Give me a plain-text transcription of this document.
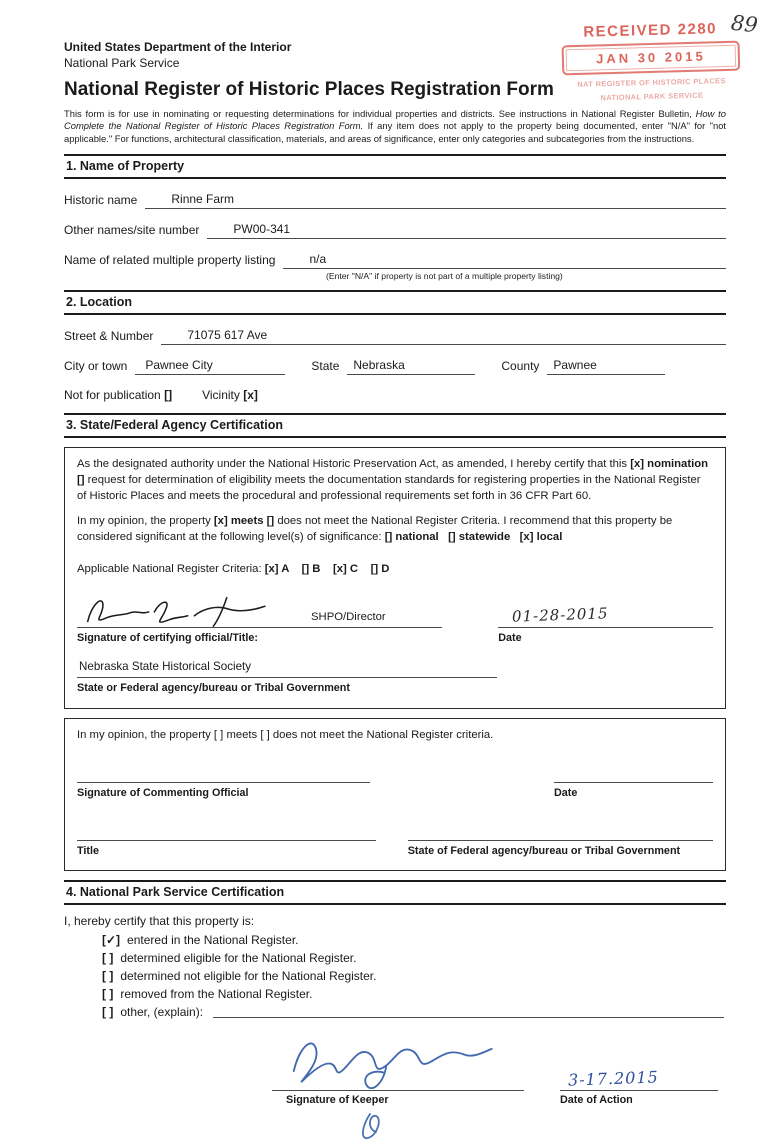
89
RECEIVED 2280
JAN 30 2015
NAT REGISTER OF HISTORIC PLACES
NATIONAL PARK SERVICE
United States Department of the Interior
National Park Service
National Register of Historic Places Registration Form
This form is for use in nominating or requesting determinations for individual properties and districts. See instructions in National Register Bulletin, How to Complete the National Register of Historic Places Registration Form. If any item does not apply to the property being documented, enter "N/A" for "not applicable." For functions, architectural classification, materials, and areas of significance, enter only categories and subcategories from the instructions.
1. Name of Property
Historic name	Rinne Farm
Other names/site number	PW00-341
Name of related multiple property listing	n/a
(Enter "N/A" if property is not part of a multiple property listing)
2. Location
Street & Number	71075 617 Ave
City or town	Pawnee City	State	Nebraska	County	Pawnee
Not for publication []	Vicinity [x]
3. State/Federal Agency Certification

As the designated authority under the National Historic Preservation Act, as amended, I hereby certify that this [x] nomination [] request for determination of eligibility meets the documentation standards for registering properties in the National Register of Historic Places and meets the procedural and professional requirements set forth in 36 CFR Part 60.

In my opinion, the property [x] meets [] does not meet the National Register Criteria. I recommend that this property be considered significant at the following level(s) of significance: [] national   [] statewide   [x] local

Applicable National Register Criteria: [x] A    [] B    [x] C    [] D

SHPO/Director
Signature of certifying official/Title:
01-28-2015
Date
Nebraska State Historical Society
State or Federal agency/bureau or Tribal Government

In my opinion, the property [ ] meets [ ] does not meet the National Register criteria.

Signature of Commenting Official	Date
Title	State of Federal agency/bureau or Tribal Government
4. National Park Service Certification
I, hereby certify that this property is:
[✓] entered in the National Register.
[ ] determined eligible for the National Register.
[ ] determined not eligible for the National Register.
[ ] removed from the National Register.
[ ] other, (explain):
Signature of Keeper
3-17.2015
Date of Action
